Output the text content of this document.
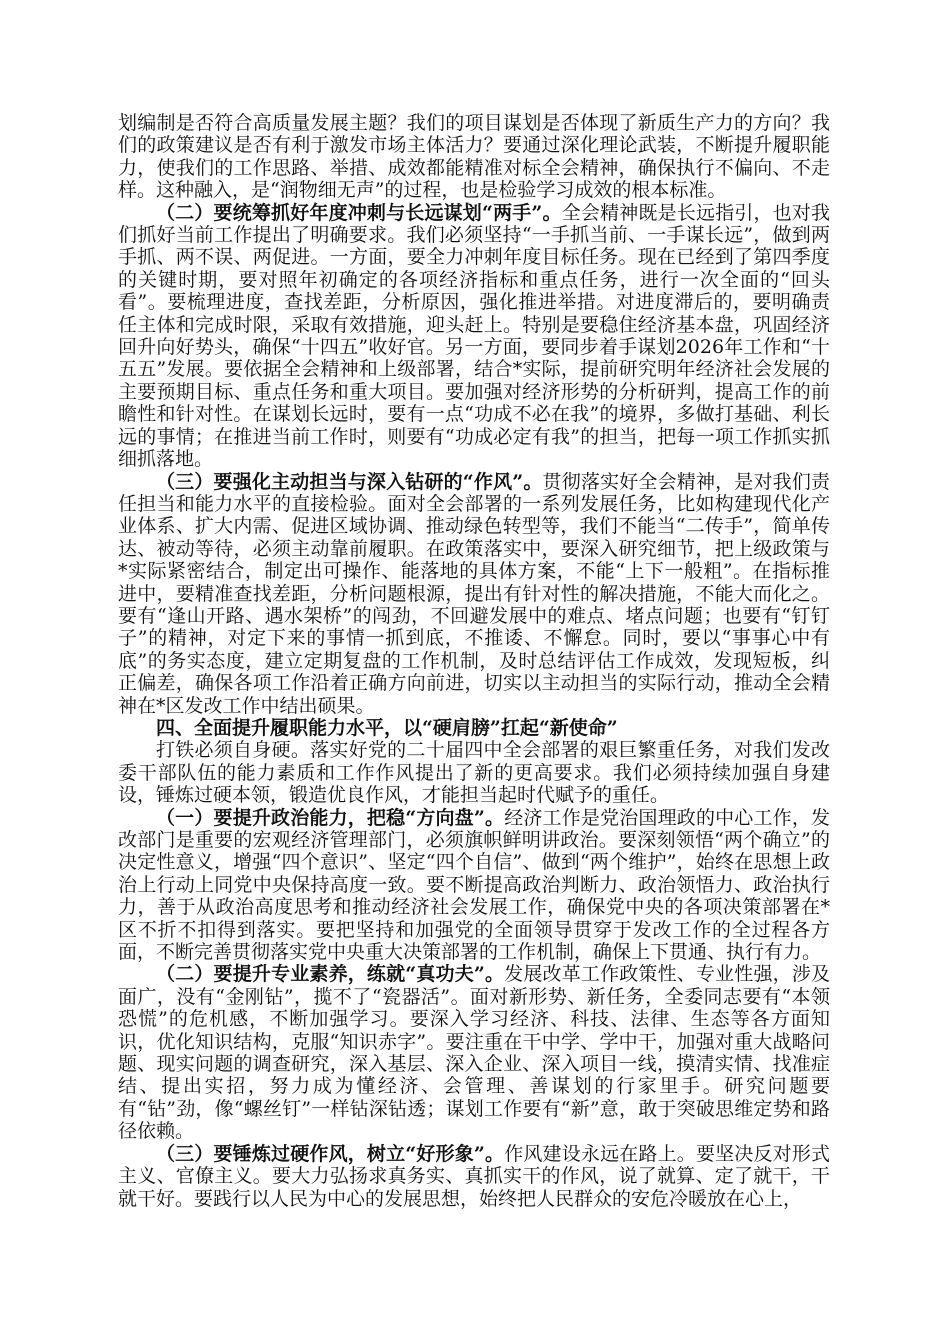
划编制是否符合高质量发展主题？我们的项目谋划是否体现了新质生产力的方向？我们的政策建议是否有利于激发市场主体活力？要通过深化理论武装，不断提升履职能力，使我们的工作思路、举措、成效都能精准对标全会精神，确保执行不偏向、不走样。这种融入，是“润物细无声”的过程，也是检验学习成效的根本标准。

（二）要统筹抓好年度冲刺与长远谋划“两手”。全会精神既是长远指引，也对我们抓好当前工作提出了明确要求。我们必须坚持“一手抓当前、一手谋长远”，做到两手抓、两不误、两促进。一方面，要全力冲刺年度目标任务。现在已经到了第四季度的关键时期，要对照年初确定的各项经济指标和重点任务，进行一次全面的“回头看”。要梳理进度，查找差距，分析原因，强化推进举措。对进度滞后的，要明确责任主体和完成时限，采取有效措施，迎头赶上。特别是要稳住经济基本盘，巩固经济回升向好势头，确保“十四五”收好官。另一方面，要同步着手谋划2026年工作和“十五五”发展。要依据全会精神和上级部署，结合*实际，提前研究明年经济社会发展的主要预期目标、重点任务和重大项目。要加强对经济形势的分析研判，提高工作的前瞻性和针对性。在谋划长远时，要有一点“功成不必在我”的境界，多做打基础、利长远的事情；在推进当前工作时，则要有“功成必定有我”的担当，把每一项工作抓实抓细抓落地。

（三）要强化主动担当与深入钻研的“作风”。贯彻落实好全会精神，是对我们责任担当和能力水平的直接检验。面对全会部署的一系列发展任务，比如构建现代化产业体系、扩大内需、促进区域协调、推动绿色转型等，我们不能当“二传手”，简单传达、被动等待，必须主动靠前履职。在政策落实中，要深入研究细节，把上级政策与*实际紧密结合，制定出可操作、能落地的具体方案，不能“上下一般粗”。在指标推进中，要精准查找差距，分析问题根源，提出有针对性的解决措施，不能大而化之。要有“逢山开路、遇水架桥”的闯劲，不回避发展中的难点、堵点问题；也要有“钉钉子”的精神，对定下来的事情一抓到底，不推诿、不懈怠。同时，要以“事事心中有底”的务实态度，建立定期复盘的工作机制，及时总结评估工作成效，发现短板，纠正偏差，确保各项工作沿着正确方向前进，切实以主动担当的实际行动，推动全会精神在*区发改工作中结出硕果。

四、全面提升履职能力水平，以“硬肩膀”扛起“新使命”

打铁必须自身硬。落实好党的二十届四中全会部署的艰巨繁重任务，对我们发改委干部队伍的能力素质和工作作风提出了新的更高要求。我们必须持续加强自身建设，锤炼过硬本领，锻造优良作风，才能担当起时代赋予的重任。

（一）要提升政治能力，把稳“方向盘”。经济工作是党治国理政的中心工作，发改部门是重要的宏观经济管理部门，必须旗帜鲜明讲政治。要深刻领悟“两个确立”的决定性意义，增强“四个意识”、坚定“四个自信”、做到“两个维护”，始终在思想上政治上行动上同党中央保持高度一致。要不断提高政治判断力、政治领悟力、政治执行力，善于从政治高度思考和推动经济社会发展工作，确保党中央的各项决策部署在*区不折不扣得到落实。要把坚持和加强党的全面领导贯穿于发改工作的全过程各方面，不断完善贯彻落实党中央重大决策部署的工作机制，确保上下贯通、执行有力。

（二）要提升专业素养，练就“真功夫”。发展改革工作政策性、专业性强，涉及面广，没有“金刚钻”，揽不了“瓷器活”。面对新形势、新任务，全委同志要有“本领恐慌”的危机感，不断加强学习。要深入学习经济、科技、法律、生态等各方面知识，优化知识结构，克服“知识赤字”。要注重在干中学、学中干，加强对重大战略问题、现实问题的调查研究，深入基层、深入企业、深入项目一线，摸清实情、找准症结、提出实招，努力成为懂经济、会管理、善谋划的行家里手。研究问题要有“钻”劲，像“螺丝钉”一样钻深钻透；谋划工作要有“新”意，敢于突破思维定势和路径依赖。

（三）要锤炼过硬作风，树立“好形象”。作风建设永远在路上。要坚决反对形式主义、官僚主义。要大力弘扬求真务实、真抓实干的作风，说了就算、定了就干，干就干好。要践行以人民为中心的发展思想，始终把人民群众的安危冷暖放在心上，
